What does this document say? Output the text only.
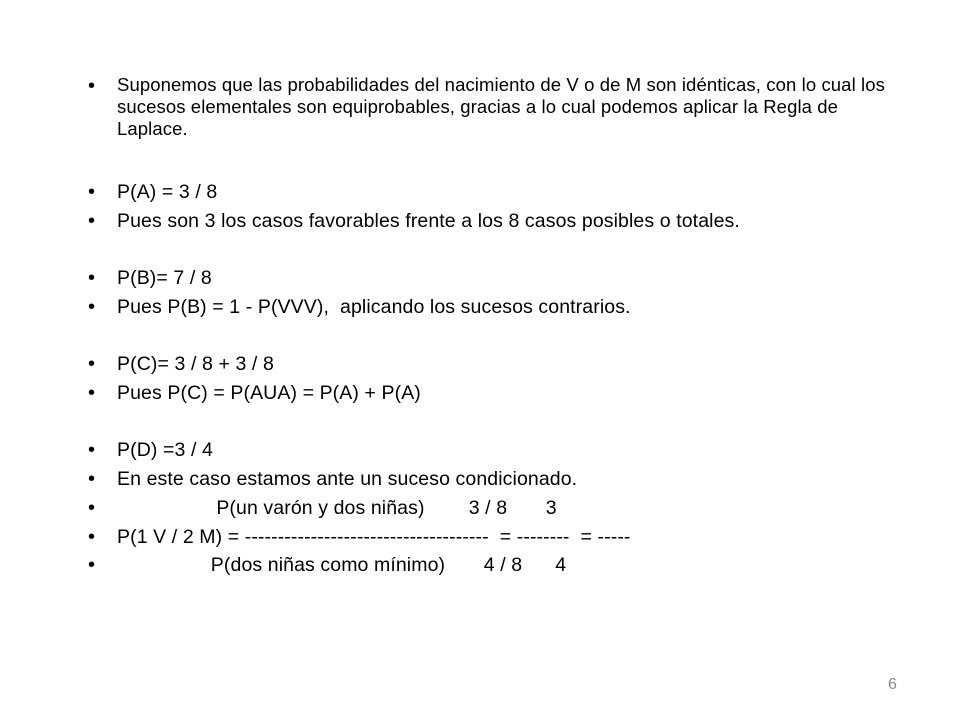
•	Suponemos que las probabilidades del nacimiento de V o de M son idénticas, con lo cual los sucesos elementales son equiprobables, gracias a lo cual podemos aplicar la Regla de Laplace.
•	P(A) = 3 / 8
•	Pues son 3 los casos favorables frente a los 8 casos posibles o totales.
•	P(B)= 7 / 8
•	Pues P(B) = 1 - P(VVV),  aplicando los sucesos contrarios.
•	P(C)= 3 / 8 + 3 / 8
•	Pues P(C) = P(AUA) = P(A) + P(A)
•	P(D) =3 / 4
•	En este caso estamos ante un suceso condicionado.
•	P(un varón y dos niñas)        3 / 8       3
•	P(1 V / 2 M) = -------------------------------------  = --------  = -----
•	P(dos niñas como mínimo)       4 / 8      4
6
